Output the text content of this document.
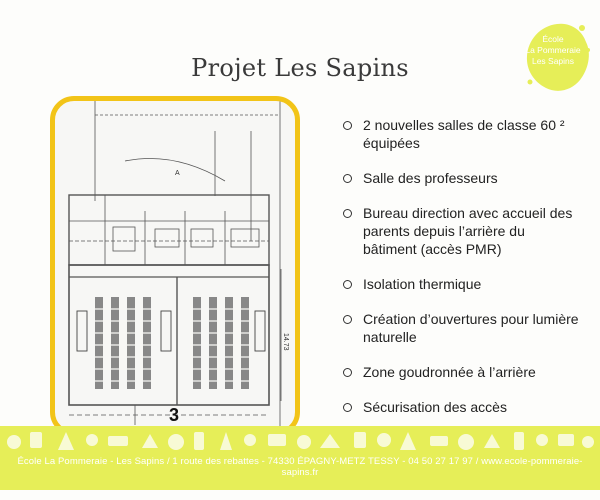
École
La Pommeraie
Les Sapins
Projet Les Sapins
A
14.73
3
2 nouvelles salles de classe 60 ² équipées
Salle des professeurs
Bureau direction avec accueil des parents depuis l’arrière du bâtiment (accès PMR)
Isolation thermique
Création d’ouvertures pour lumière naturelle
Zone goudronnée à l’arrière
Sécurisation des accès
École La Pommeraie - Les Sapins / 1 route des rebattes - 74330 ÉPAGNY-METZ TESSY - 04 50 27 17 97 / www.ecole-pommeraie-sapins.fr
